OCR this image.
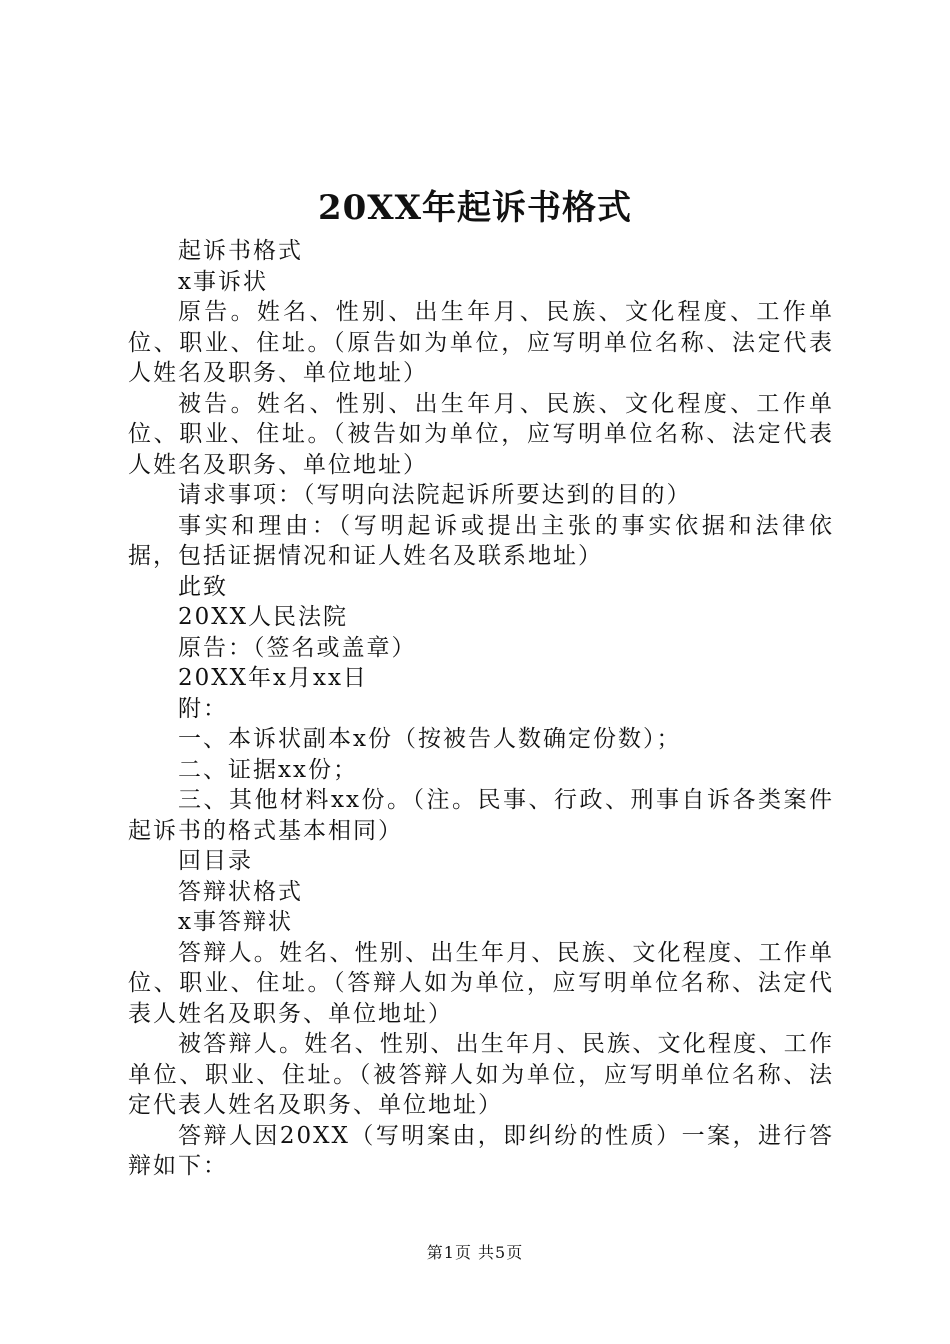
20XX年起诉书格式

起诉书格式

x事诉状

原告。姓名、性别、出生年月、民族、文化程度、工作单位、职业、住址。（原告如为单位，应写明单位名称、法定代表人姓名及职务、单位地址）

被告。姓名、性别、出生年月、民族、文化程度、工作单位、职业、住址。（被告如为单位，应写明单位名称、法定代表人姓名及职务、单位地址）

请求事项：（写明向法院起诉所要达到的目的）

事实和理由：（写明起诉或提出主张的事实依据和法律依据，包括证据情况和证人姓名及联系地址）

此致

20XX人民法院

原告：（签名或盖章）

20XX年x月xx日

附：

一、本诉状副本x份（按被告人数确定份数）；

二、证据xx份；

三、其他材料xx份。（注。民事、行政、刑事自诉各类案件起诉书的格式基本相同）

回目录

答辩状格式

x事答辩状

答辩人。姓名、性别、出生年月、民族、文化程度、工作单位、职业、住址。（答辩人如为单位，应写明单位名称、法定代表人姓名及职务、单位地址）

被答辩人。姓名、性别、出生年月、民族、文化程度、工作单位、职业、住址。（被答辩人如为单位，应写明单位名称、法定代表人姓名及职务、单位地址）

答辩人因20XX（写明案由，即纠纷的性质）一案，进行答辩如下：

第1页 共5页
